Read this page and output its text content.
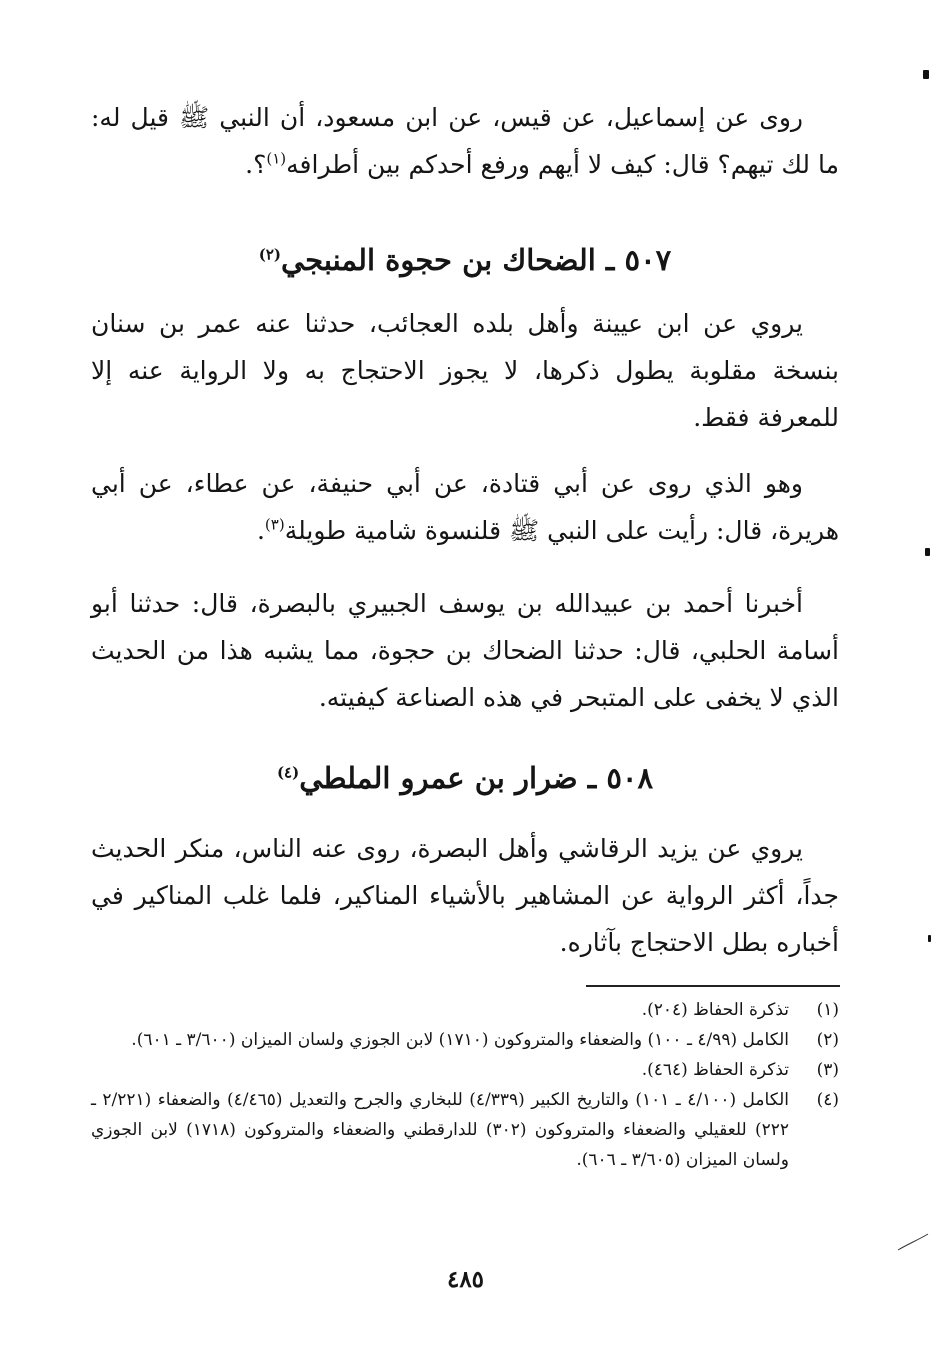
روى عن إسماعيل، عن قيس، عن ابن مسعود، أن النبي ﷺ قيل له: ما لك تيهم؟ قال: كيف لا أيهم ورفع أحدكم بين أطرافه$^{(١)}$؟.

٥٠٧ ـ الضحاك بن حجوة المنبجي$^{(٢)}$

يروي عن ابن عيينة وأهل بلده العجائب، حدثنا عنه عمر بن سنان بنسخة مقلوبة يطول ذكرها، لا يجوز الاحتجاج به ولا الرواية عنه إلا للمعرفة فقط.

وهو الذي روى عن أبي قتادة، عن أبي حنيفة، عن عطاء، عن أبي هريرة، قال: رأيت على النبي ﷺ قلنسوة شامية طويلة$^{(٣)}$.

أخبرنا أحمد بن عبيدالله بن يوسف الجبيري بالبصرة، قال: حدثنا أبو أسامة الحلبي، قال: حدثنا الضحاك بن حجوة، مما يشبه هذا من الحديث الذي لا يخفى على المتبحر في هذه الصناعة كيفيته.

٥٠٨ ـ ضرار بن عمرو الملطي$^{(٤)}$

يروي عن يزيد الرقاشي وأهل البصرة، روى عنه الناس، منكر الحديث جداً، أكثر الرواية عن المشاهير بالأشياء المناكير، فلما غلب المناكير في أخباره بطل الاحتجاج بآثاره.

(١)
تذكرة الحفاظ (٢٠٤).
(٢)
الكامل (٤/٩٩ ـ ١٠٠) والضعفاء والمتروكون (١٧١٠) لابن الجوزي ولسان الميزان (٣/٦٠٠ ـ ٦٠١).
(٣)
تذكرة الحفاظ (٤٦٤).
(٤)
الكامل (٤/١٠٠ ـ ١٠١) والتاريخ الكبير (٤/٣٣٩) للبخاري والجرح والتعديل (٤/٤٦٥) والضعفاء (٢/٢٢١ ـ ٢٢٢) للعقيلي والضعفاء والمتروكون (٣٠٢) للدارقطني والضعفاء والمتروكون (١٧١٨) لابن الجوزي ولسان الميزان (٣/٦٠٥ ـ ٦٠٦).
٤٨٥
